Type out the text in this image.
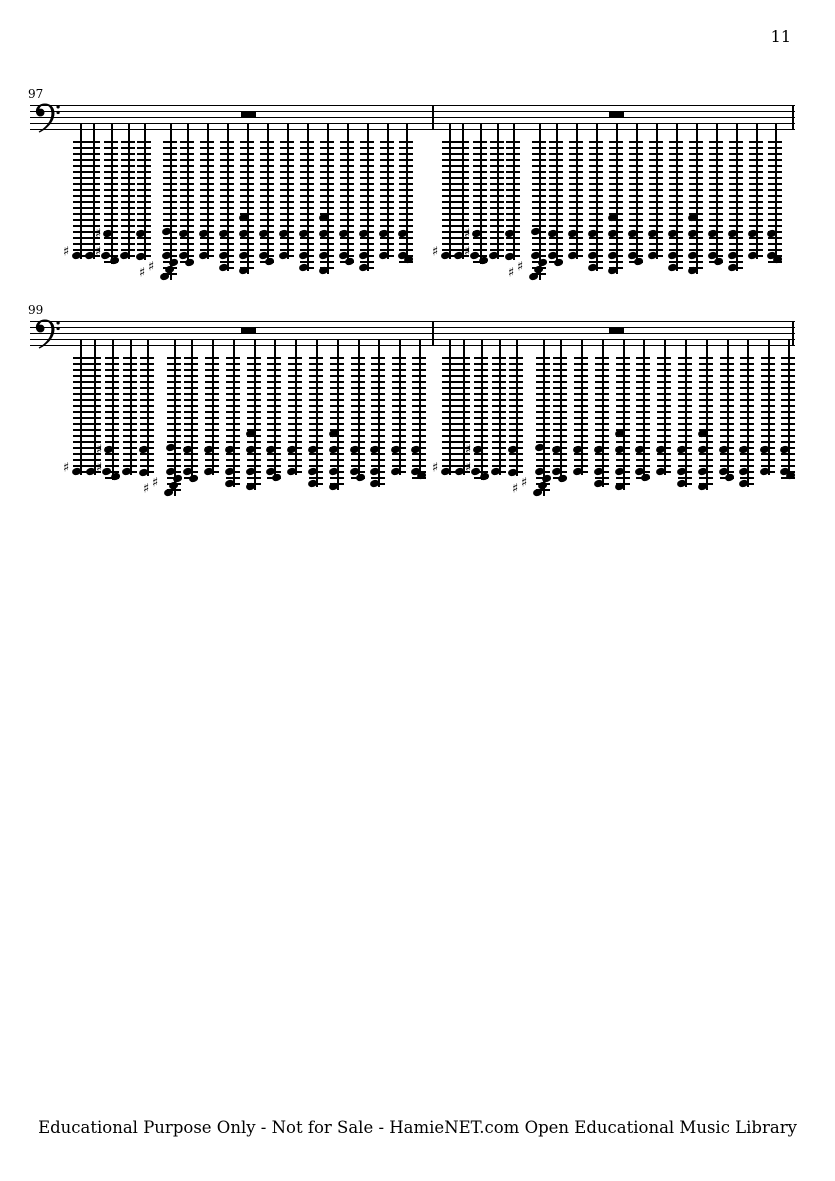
11
97
♯
♯
♯
♯ ♯
♯
♯
♯
♯ ♯
99
♯
♯
♯
♯ ♯
♯
♯
♯
♯ ♯
Educational Purpose Only - Not for Sale - HamieNET.com Open Educational Music Library
